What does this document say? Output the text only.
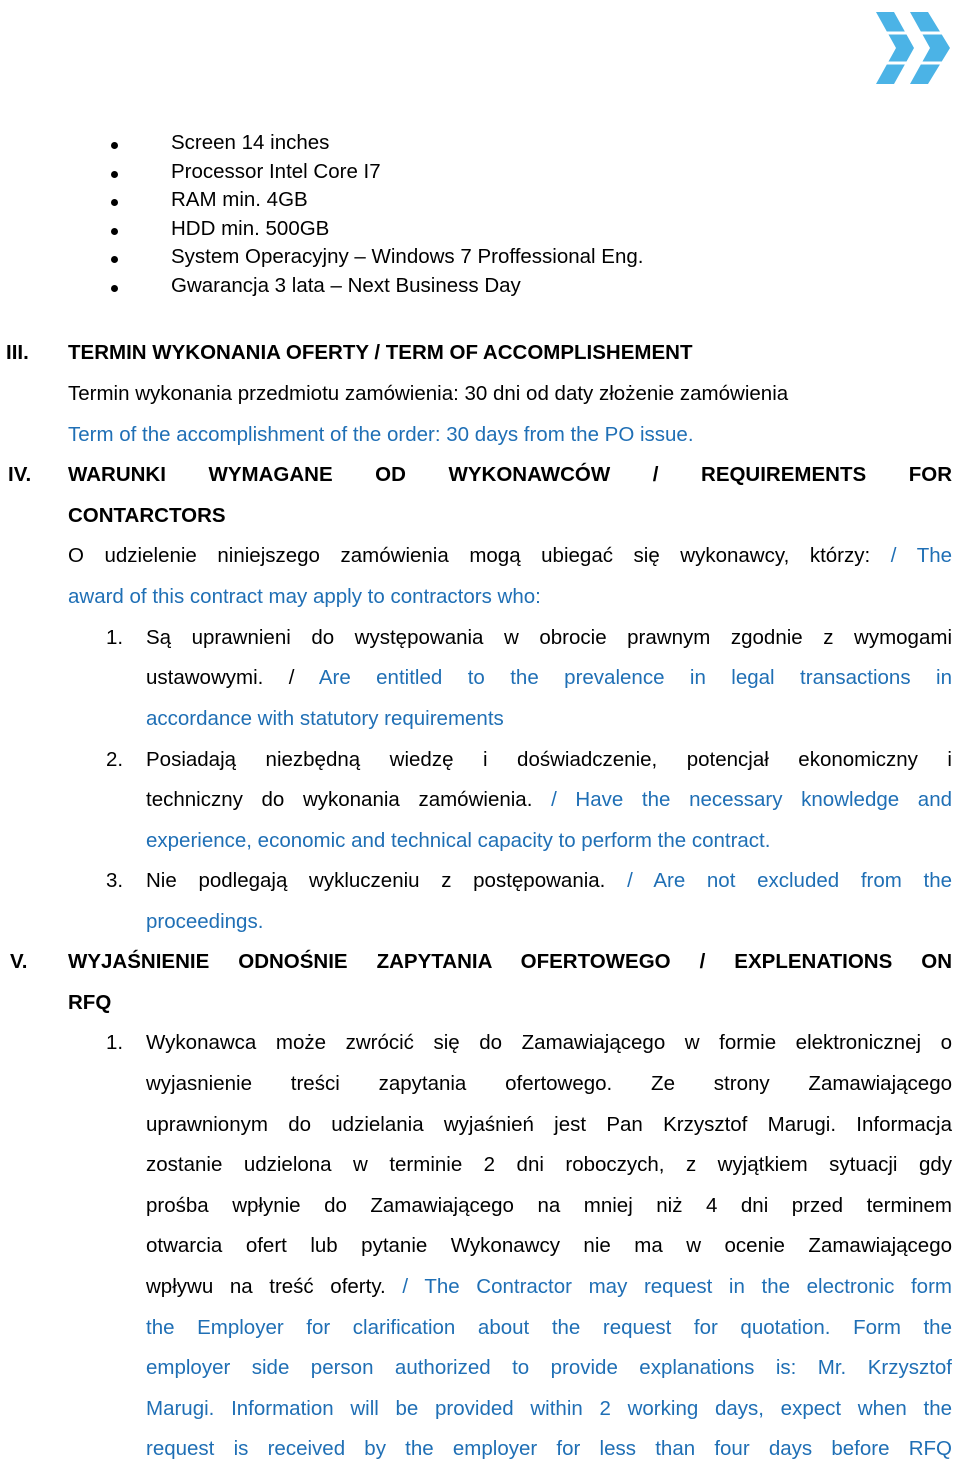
Screen 14 inches
Processor Intel Core I7
RAM min. 4GB
HDD min. 500GB
System Operacyjny – Windows 7 Proffessional Eng.
Gwarancja 3 lata – Next Business Day
III. TERMIN WYKONANIA OFERTY / TERM OF ACCOMPLISHEMENT
Termin wykonania przedmiotu zamówienia: 30 dni od daty złożenie zamówienia
Term of the accomplishment of the order: 30 days from the PO issue.
IV. WARUNKI WYMAGANE OD WYKONAWCÓW / REQUIREMENTS FOR
CONTARCTORS
O udzielenie niniejszego zamówienia mogą ubiegać się wykonawcy, którzy: / The
award of this contract may apply to contractors who:
1. Są uprawnieni do występowania w obrocie prawnym zgodnie z wymogami
ustawowymi. / Are entitled to the prevalence in legal transactions in
accordance with statutory requirements
2. Posiadają niezbędną wiedzę i doświadczenie, potencjał ekonomiczny i
techniczny do wykonania zamówienia. / Have the necessary knowledge and
experience, economic and technical capacity to perform the contract.
3. Nie podlegają wykluczeniu z postępowania. / Are not excluded from the
proceedings.
V. WYJAŚNIENIE ODNOŚNIE ZAPYTANIA OFERTOWEGO / EXPLENATIONS ON
RFQ
1. Wykonawca może zwrócić się do Zamawiającego w formie elektronicznej o
wyjasnienie treści zapytania ofertowego. Ze strony Zamawiającego
uprawnionym do udzielania wyjaśnień jest Pan Krzysztof Marugi. Informacja
zostanie udzielona w terminie 2 dni roboczych, z wyjątkiem sytuacji gdy
prośba wpłynie do Zamawiającego na mniej niż 4 dni przed terminem
otwarcia ofert lub pytanie Wykonawcy nie ma w ocenie Zamawiającego
wpływu na treść oferty. / The Contractor may request in the electronic form
the Employer for clarification about the request for quotation. Form the
employer side person authorized to provide explanations is: Mr. Krzysztof
Marugi. Information will be provided within 2 working days, expect when the
request is received by the employer for less than four days before RFQ
